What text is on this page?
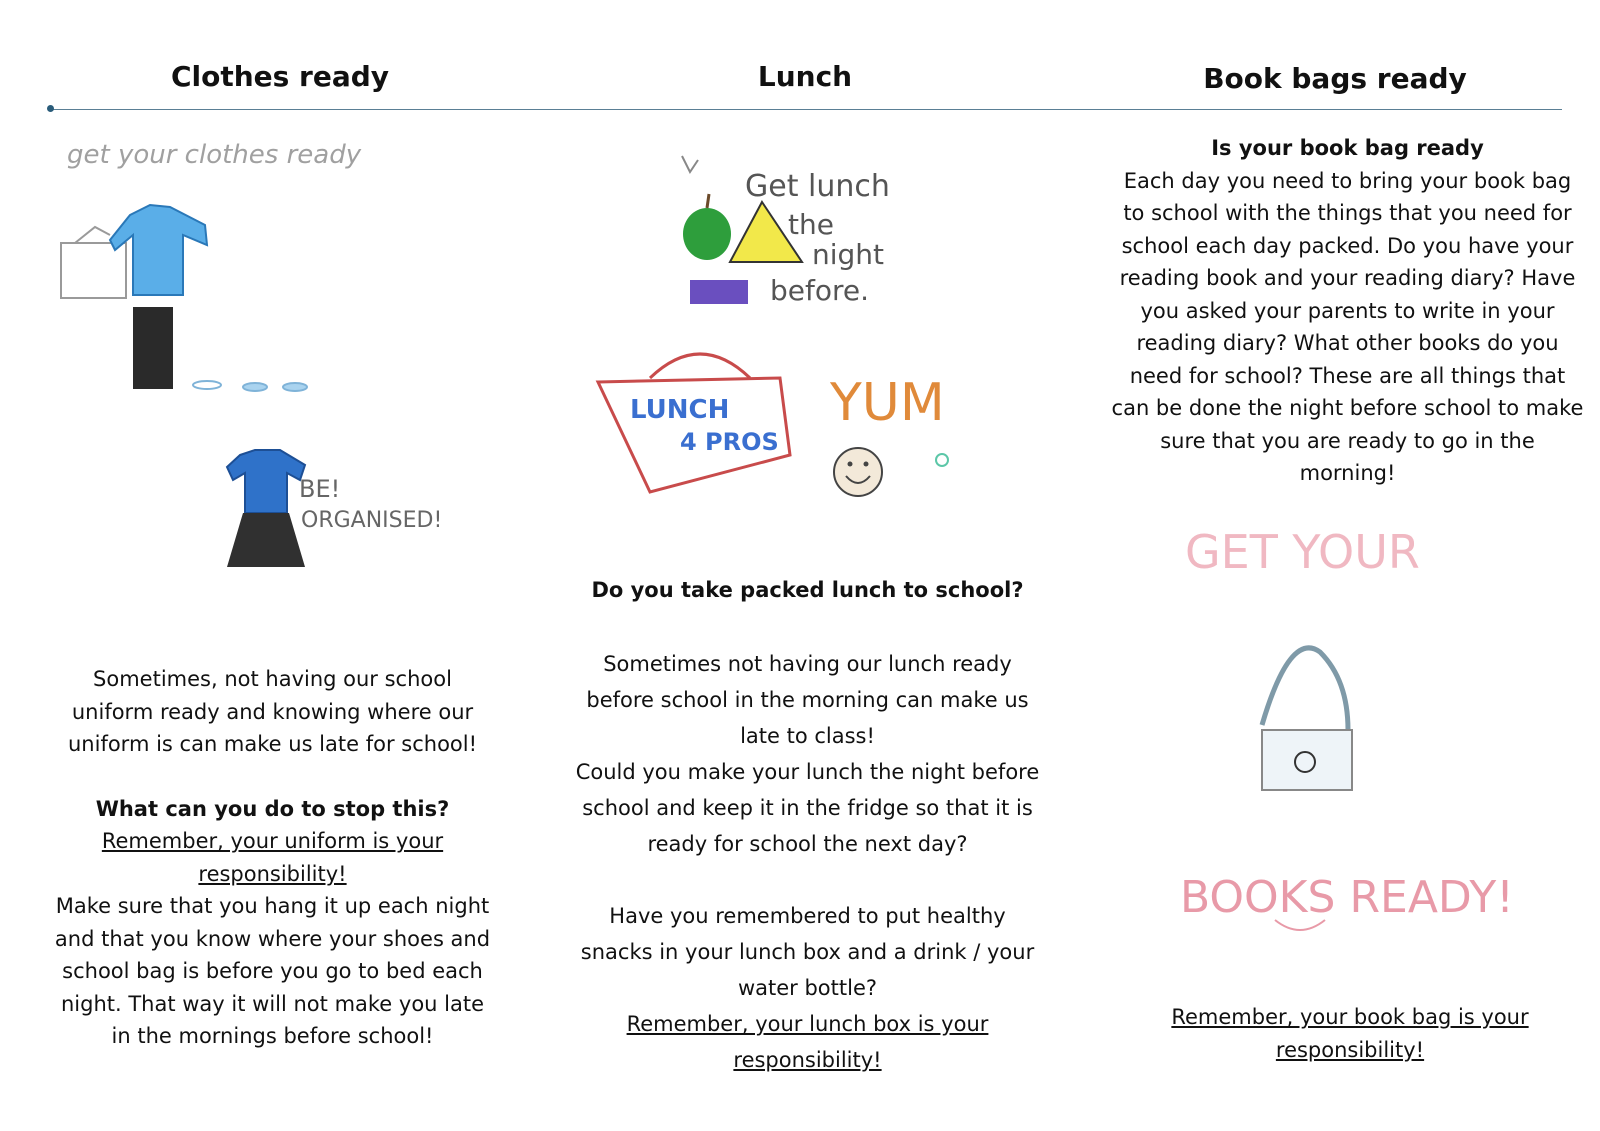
Clothes ready	Lunch	Book bags ready
get your clothes ready
BE!
ORGANISED!

Sometimes, not having our school uniform ready and knowing where our uniform is can make us late for school!

What can you do to stop this?

Remember, your uniform is your responsibility!

Make sure that you hang it up each night and that you know where your shoes and school bag is before you go to bed each night. That way it will not make you late in the mornings before school!

Get lunch
the
night
before.
LUNCH
4 PROS
YUM
Do you take packed lunch to school?

Sometimes not having our lunch ready before school in the morning can make us late to class!

Could you make your lunch the night before school and keep it in the fridge so that it is ready for school the next day?

Have you remembered to put healthy snacks in your lunch box and a drink / your water bottle?

Remember, your lunch box is your responsibility!

Is your book bag ready

Each day you need to bring your book bag to school with the things that you need for school each day packed. Do you have your reading book and your reading diary? Have you asked your parents to write in your reading diary? What other books do you need for school? These are all things that can be done the night before school to make sure that you are ready to go in the morning!

GET YOUR
BOOKS READY!
Remember, your book bag is your responsibility!
